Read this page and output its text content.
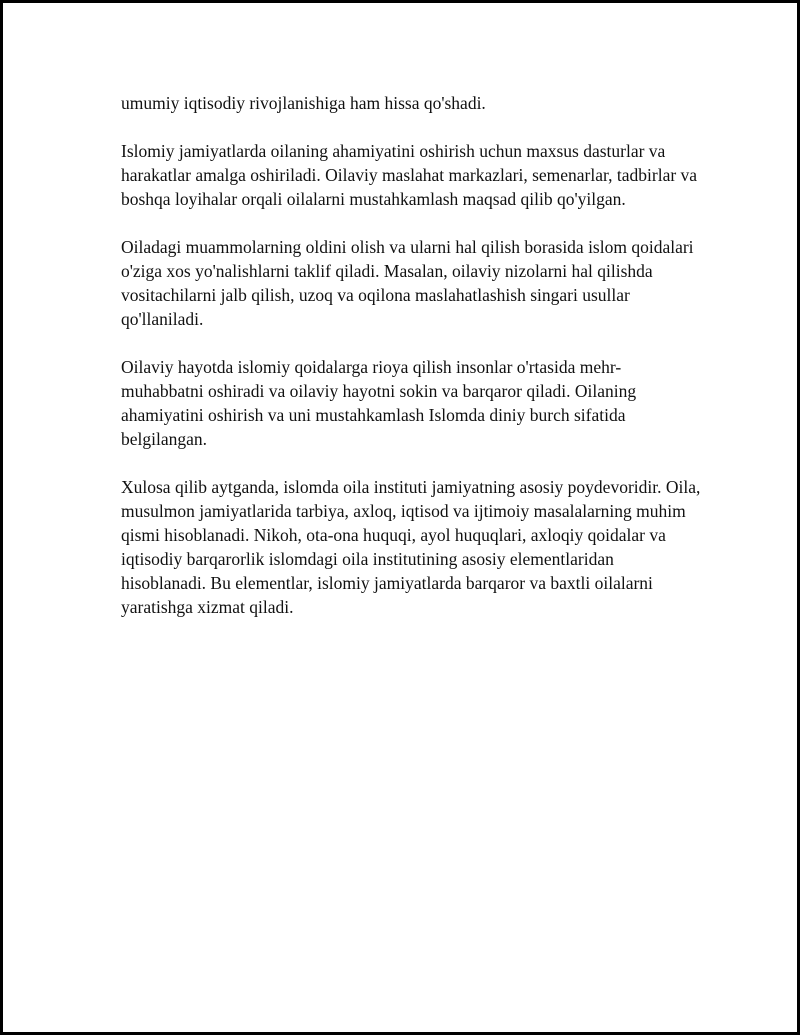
umumiy iqtisodiy rivojlanishiga ham hissa qo'shadi.

Islomiy jamiyatlarda oilaning ahamiyatini oshirish uchun maxsus dasturlar va harakatlar amalga oshiriladi. Oilaviy maslahat markazlari, semenarlar, tadbirlar va boshqa loyihalar orqali oilalarni mustahkamlash maqsad qilib qo'yilgan.

Oiladagi muammolarning oldini olish va ularni hal qilish borasida islom qoidalari o'ziga xos yo'nalishlarni taklif qiladi. Masalan, oilaviy nizolarni hal qilishda vositachilarni jalb qilish, uzoq va oqilona maslahatlashish singari usullar qo'llaniladi.

Oilaviy hayotda islomiy qoidalarga rioya qilish insonlar o'rtasida mehr-muhabbatni oshiradi va oilaviy hayotni sokin va barqaror qiladi. Oilaning ahamiyatini oshirish va uni mustahkamlash Islomda diniy burch sifatida belgilangan.

Xulosa qilib aytganda, islomda oila instituti jamiyatning asosiy poydevoridir. Oila, musulmon jamiyatlarida tarbiya, axloq, iqtisod va ijtimoiy masalalarning muhim qismi hisoblanadi. Nikoh, ota-ona huquqi, ayol huquqlari, axloqiy qoidalar va iqtisodiy barqarorlik islomdagi oila institutining asosiy elementlaridan hisoblanadi. Bu elementlar, islomiy jamiyatlarda barqaror va baxtli oilalarni yaratishga xizmat qiladi.
